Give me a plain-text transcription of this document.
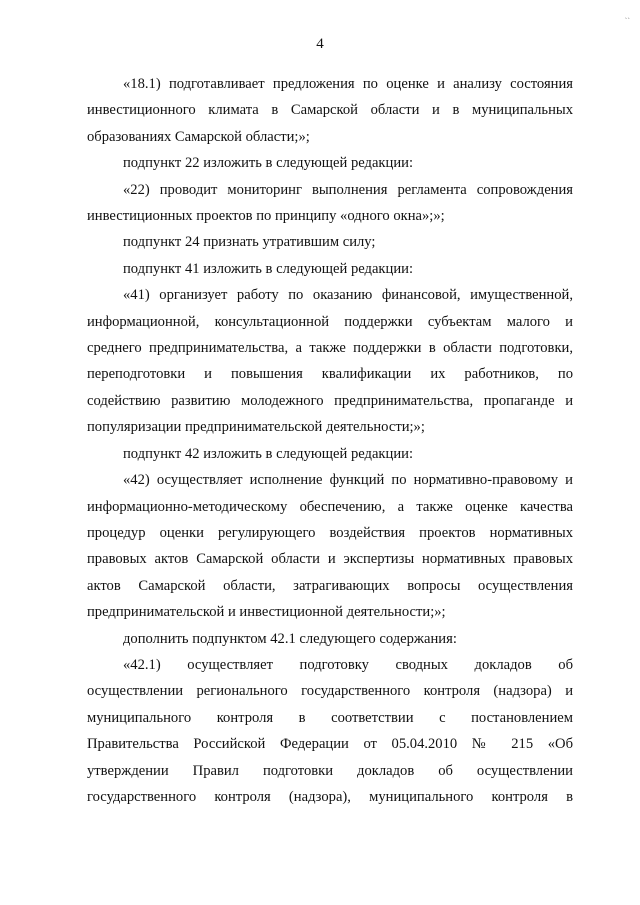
ˎˎ
4

«18.1) подготавливает предложения по оценке и анализу состояния
инвестиционного климата в Самарской области и в муниципальных
образованиях Самарской области;»;

подпункт 22 изложить в следующей редакции:

«22) проводит мониторинг выполнения регламента сопровождения
инвестиционных проектов по принципу «одного окна»;»;

подпункт 24 признать утратившим силу;

подпункт 41 изложить в следующей редакции:

«41) организует работу по оказанию финансовой, имущественной,
информационной, консультационной поддержки субъектам малого и
среднего предпринимательства, а также поддержки в области подготовки,
переподготовки и повышения квалификации их работников, по
содействию развитию молодежного предпринимательства, пропаганде и
популяризации предпринимательской деятельности;»;

подпункт 42 изложить в следующей редакции:

«42) осуществляет исполнение функций по нормативно-правовому и
информационно-методическому обеспечению, а также оценке качества
процедур оценки регулирующего воздействия проектов нормативных
правовых актов Самарской области и экспертизы нормативных правовых
актов Самарской области, затрагивающих вопросы осуществления
предпринимательской и инвестиционной деятельности;»;

дополнить подпунктом 42.1 следующего содержания:

«42.1) осуществляет подготовку сводных докладов об
осуществлении регионального государственного контроля (надзора) и
муниципального контроля в соответствии с постановлением
Правительства Российской Федерации от 05.04.2010 № 215 «Об
утверждении Правил подготовки докладов об осуществлении
государственного контроля (надзора), муниципального контроля в
